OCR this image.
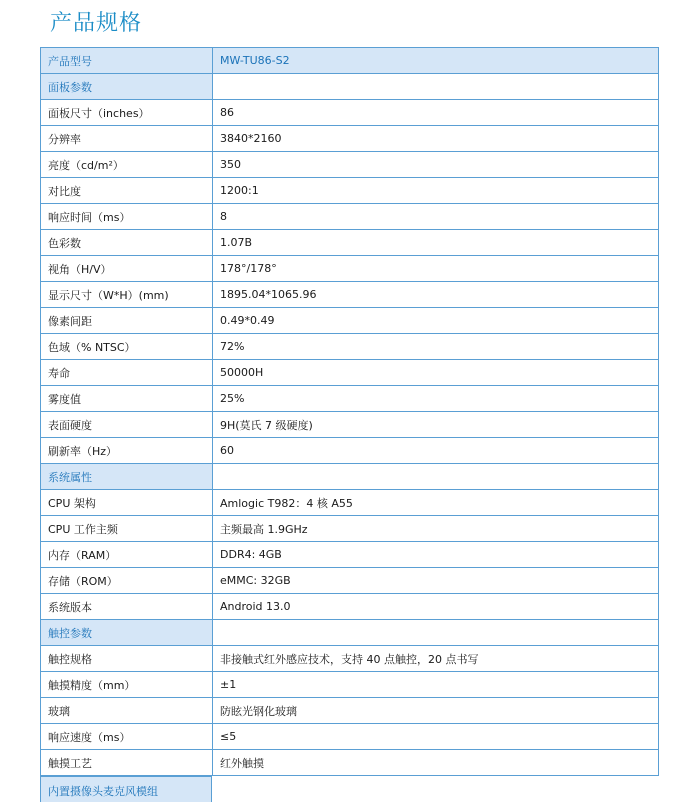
产品规格
产品型号	MW-TU86-S2
面板参数	
面板尺寸（inches）	86
分辨率	3840*2160
亮度（cd/m²）	350
对比度	1200:1
响应时间（ms）	8
色彩数	1.07B
视角（H/V）	178°/178°
显示尺寸（W*H）(mm)	1895.04*1065.96
像素间距	0.49*0.49
色域（% NTSC）	72%
寿命	50000H
雾度值	25%
表面硬度	9H(莫氏 7 级硬度)
刷新率（Hz）	60
系统属性	
CPU 架构	Amlogic T982：4 核 A55
CPU 工作主频	主频最高 1.9GHz
内存（RAM）	DDR4: 4GB
存储（ROM）	eMMC: 32GB
系统版本	Android 13.0
触控参数	
触控规格	非接触式红外感应技术，支持 40 点触控，20 点书写
触摸精度（mm）	±1
玻璃	防眩光钢化玻璃
响应速度（ms）	≤5
触摸工艺	红外触摸
内置摄像头麦克风模组
